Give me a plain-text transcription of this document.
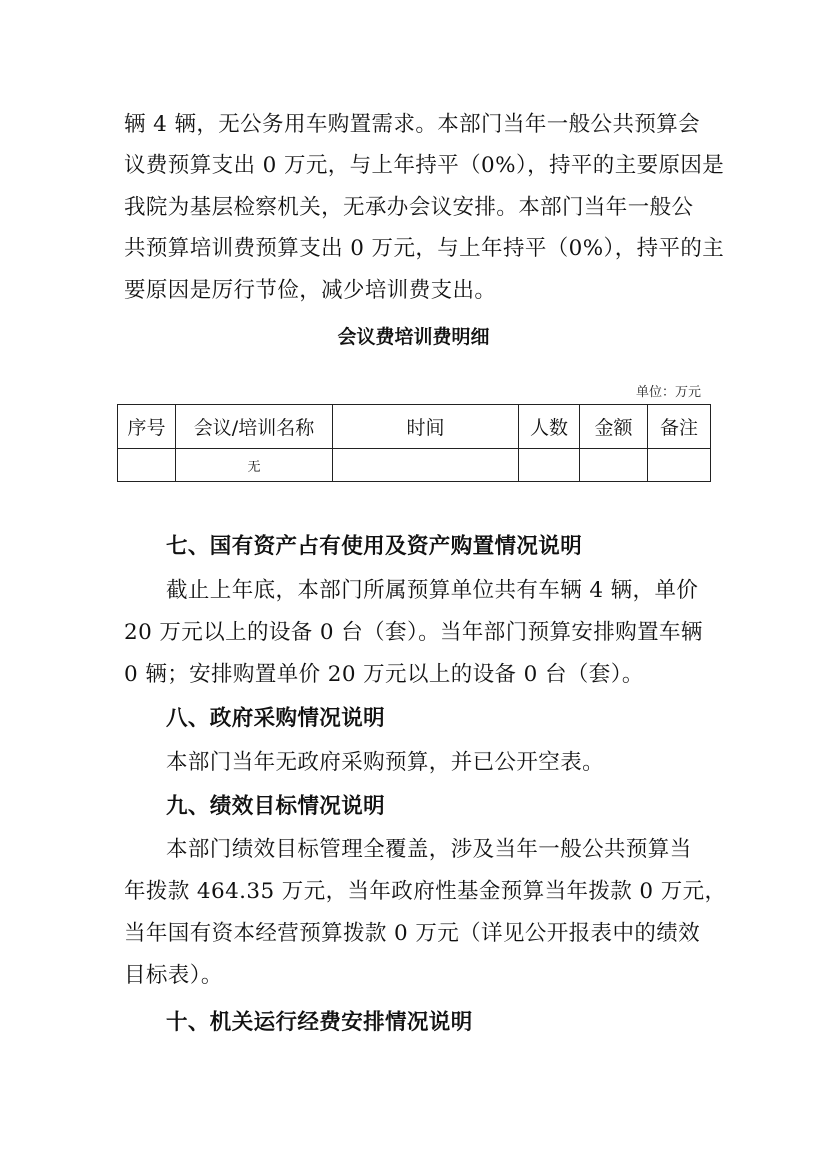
辆 4 辆，无公务用车购置需求。本部门当年一般公共预算会
议费预算支出 0 万元，与上年持平（0%），持平的主要原因是
我院为基层检察机关，无承办会议安排。本部门当年一般公
共预算培训费预算支出 0 万元，与上年持平（0%），持平的主
要原因是厉行节俭，减少培训费支出。
会议费培训费明细
单位：万元
序号	会议/培训名称	时间	人数	金额	备注
	无				
七、国有资产占有使用及资产购置情况说明
截止上年底，本部门所属预算单位共有车辆 4 辆，单价
20 万元以上的设备 0 台（套）。当年部门预算安排购置车辆
0 辆；安排购置单价 20 万元以上的设备 0 台（套）。
八、政府采购情况说明
本部门当年无政府采购预算，并已公开空表。
九、绩效目标情况说明
本部门绩效目标管理全覆盖，涉及当年一般公共预算当
年拨款 464.35 万元，当年政府性基金预算当年拨款 0 万元，
当年国有资本经营预算拨款 0 万元（详见公开报表中的绩效
目标表）。
十、机关运行经费安排情况说明
